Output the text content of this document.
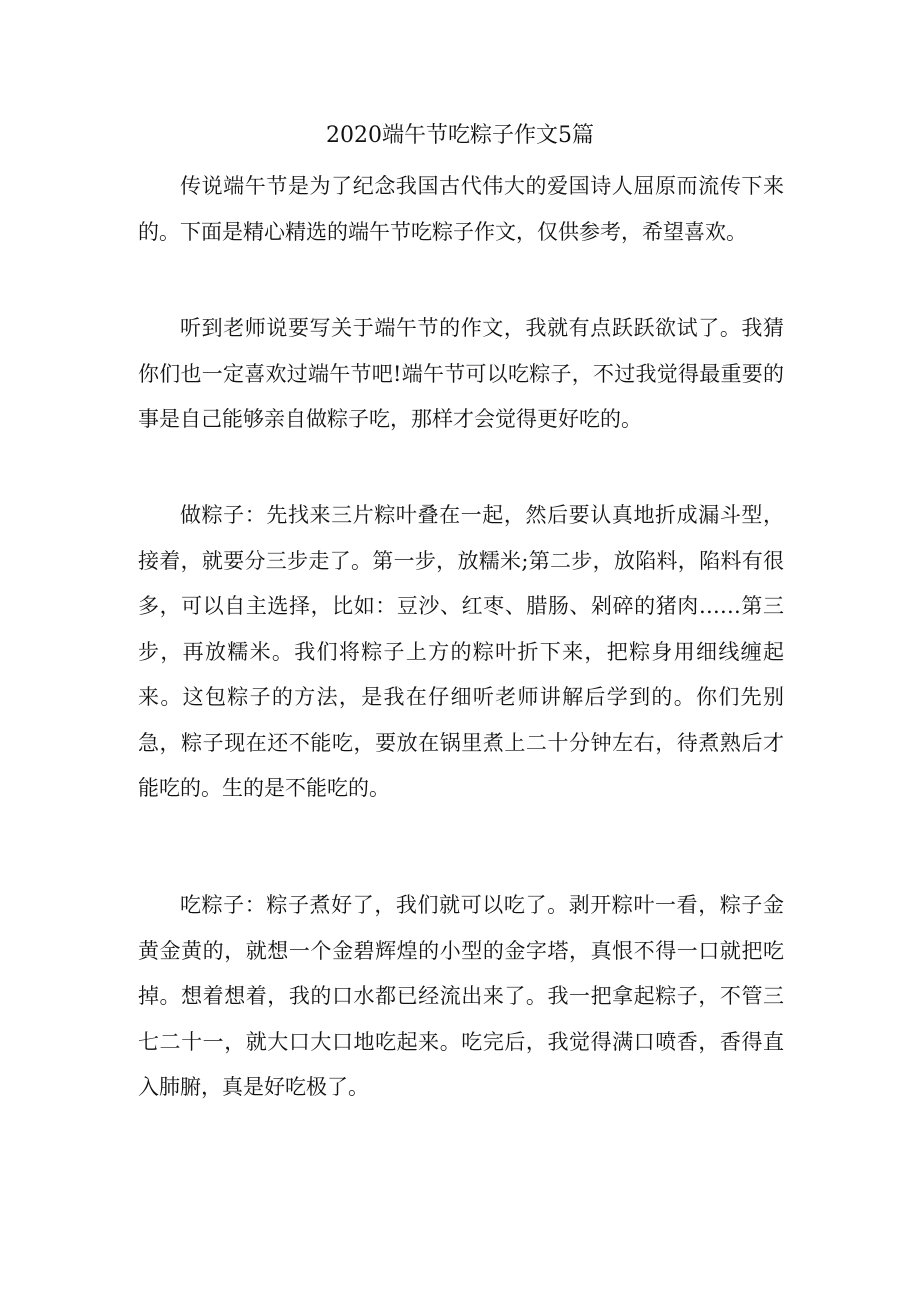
2020端午节吃粽子作文5篇

传说端午节是为了纪念我国古代伟大的爱国诗人屈原而流传下来的。下面是精心精选的端午节吃粽子作文，仅供参考，希望喜欢。

听到老师说要写关于端午节的作文，我就有点跃跃欲试了。我猜你们也一定喜欢过端午节吧!端午节可以吃粽子，不过我觉得最重要的事是自己能够亲自做粽子吃，那样才会觉得更好吃的。

做粽子：先找来三片粽叶叠在一起，然后要认真地折成漏斗型，接着，就要分三步走了。第一步，放糯米;第二步，放陷料，陷料有很多，可以自主选择，比如：豆沙、红枣、腊肠、剁碎的猪肉……第三步，再放糯米。我们将粽子上方的粽叶折下来，把粽身用细线缠起来。这包粽子的方法，是我在仔细听老师讲解后学到的。你们先别急，粽子现在还不能吃，要放在锅里煮上二十分钟左右，待煮熟后才能吃的。生的是不能吃的。

吃粽子：粽子煮好了，我们就可以吃了。剥开粽叶一看，粽子金黄金黄的，就想一个金碧辉煌的小型的金字塔，真恨不得一口就把吃掉。想着想着，我的口水都已经流出来了。我一把拿起粽子，不管三七二十一，就大口大口地吃起来。吃完后，我觉得满口喷香，香得直入肺腑，真是好吃极了。
